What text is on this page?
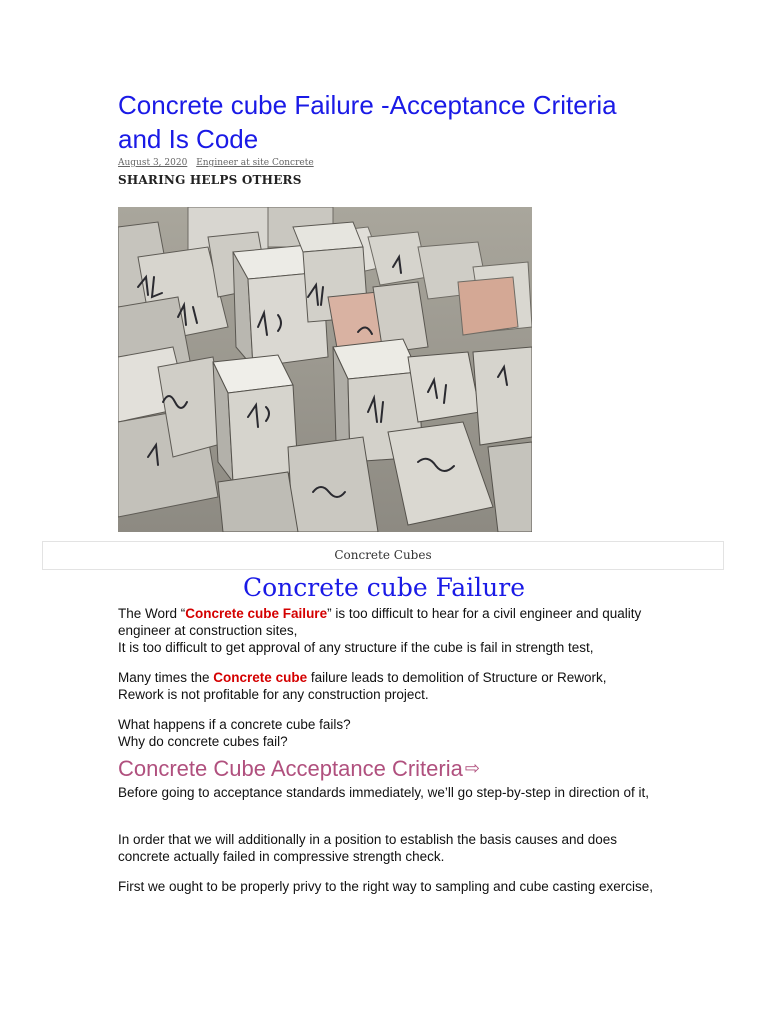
Concrete cube Failure -Acceptance Criteria and Is Code
August 3, 2020 Engineer at site Concrete
SHARING HELPS OTHERS
Concrete Cubes
Concrete cube Failure

The Word “Concrete cube Failure” is too difficult to hear for a civil engineer and quality engineer at construction sites,
It is too difficult to get approval of any structure if the cube is fail in strength test,

Many times the Concrete cube failure leads to demolition of Structure or Rework,
Rework is not profitable for any construction project.

What happens if a concrete cube fails?
Why do concrete cubes fail?

Concrete Cube Acceptance Criteria ⇨

Before going to acceptance standards immediately, we’ll go step-by-step in direction of it,

In order that we will additionally in a position to establish the basis causes and does concrete actually failed in compressive strength check.

First we ought to be properly privy to the right way to sampling and cube casting exercise,
